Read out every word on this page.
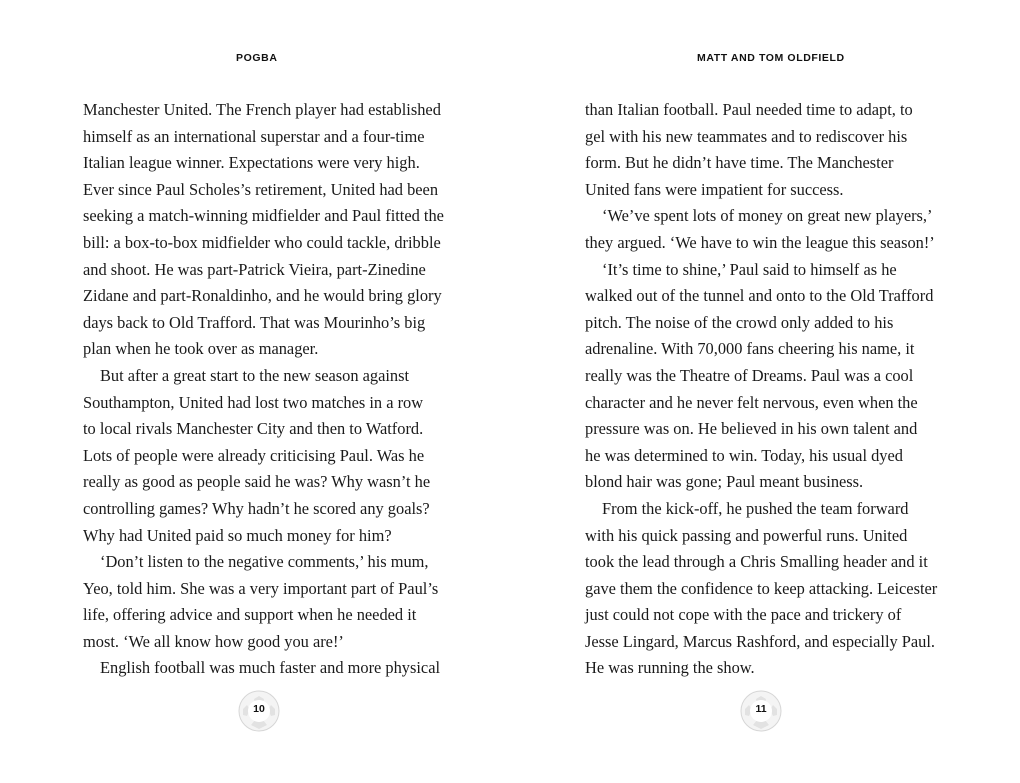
POGBA
Manchester United. The French player had established
himself as an international superstar and a four-time
Italian league winner. Expectations were very high.
Ever since Paul Scholes’s retirement, United had been
seeking a match-winning midfielder and Paul fitted the
bill: a box-to-box midfielder who could tackle, dribble
and shoot. He was part-Patrick Vieira, part-Zinedine
Zidane and part-Ronaldinho, and he would bring glory
days back to Old Trafford. That was Mourinho’s big
plan when he took over as manager.
But after a great start to the new season against
Southampton, United had lost two matches in a row
to local rivals Manchester City and then to Watford.
Lots of people were already criticising Paul. Was he
really as good as people said he was? Why wasn’t he
controlling games? Why hadn’t he scored any goals?
Why had United paid so much money for him?
‘Don’t listen to the negative comments,’ his mum,
Yeo, told him. She was a very important part of Paul’s
life, offering advice and support when he needed it
most. ‘We all know how good you are!’
English football was much faster and more physical
10
MATT AND TOM OLDFIELD
than Italian football. Paul needed time to adapt, to
gel with his new teammates and to rediscover his
form. But he didn’t have time. The Manchester
United fans were impatient for success.
‘We’ve spent lots of money on great new players,’
they argued. ‘We have to win the league this season!’
‘It’s time to shine,’ Paul said to himself as he
walked out of the tunnel and onto to the Old Trafford
pitch. The noise of the crowd only added to his
adrenaline. With 70,000 fans cheering his name, it
really was the Theatre of Dreams. Paul was a cool
character and he never felt nervous, even when the
pressure was on. He believed in his own talent and
he was determined to win. Today, his usual dyed
blond hair was gone; Paul meant business.
From the kick-off, he pushed the team forward
with his quick passing and powerful runs. United
took the lead through a Chris Smalling header and it
gave them the confidence to keep attacking. Leicester
just could not cope with the pace and trickery of
Jesse Lingard, Marcus Rashford, and especially Paul.
He was running the show.
11
